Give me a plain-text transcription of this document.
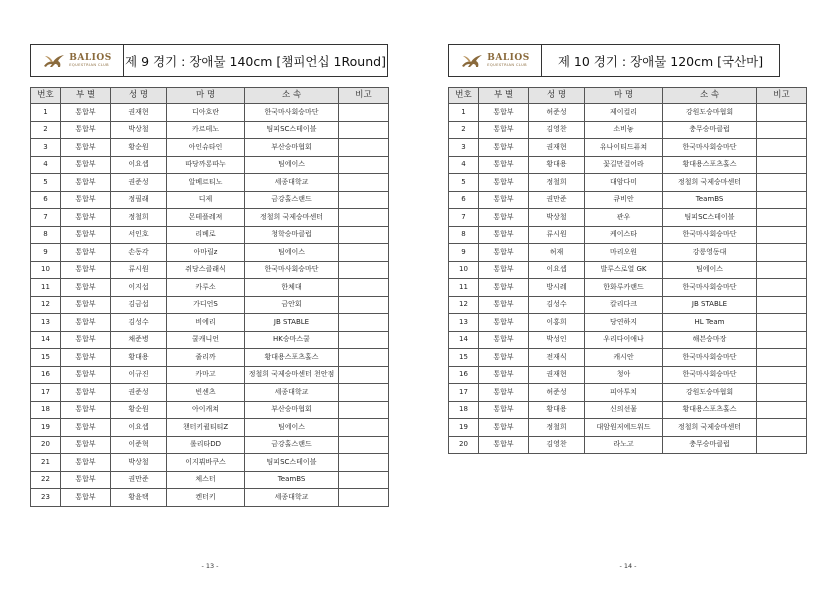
BALIOS
EQUESTRIAN CLUB 제 9 경기 : 장애물 140cm [챔피언십 1Round]
번호	부 별	성 명	마 명	소 속	비고
1	통합부	권재현	디아호란	한국마사회승마단	
2	통합부	박상철	카르테노	팀피SC스테이블	
3	통합부	황순원	아인슈타인	부산승마협회	
4	통합부	이요셉	따당까롱따누	팀에이스	
5	통합부	권준성	알베르티노	세종대학교	
6	통합부	정필래	디제	금강홀스랜드	
7	통합부	정철희	몬테플레져	정철희 국제승마센터	
8	통합부	서인호	리베로	청학승마클럽	
9	통합부	손동각	아마릴z	팀에이스	
10	통합부	류시원	쥐당스클래식	한국마사회승마단	
11	통합부	이지섭	카루소	한체대	
12	통합부	김금섭	가디언S	금안회	
13	통합부	김성수	비에리	JB STABLE	
14	통합부	채준병	쿨캐니언	HK승마스쿨	
15	통합부	황대용	줄리까	황대용스포츠홀스	
16	통합부	이규진	카마고	정철희 국제승마센터 천안점	
17	통합부	권준성	빈센츠	세종대학교	
18	통합부	황순원	아이캐쳐	부산승마협회	
19	통합부	이요셉	챈터키퀼티티Z	팀에이스	
20	통합부	이준혁	롤리타DD	금강홀스랜드	
21	통합부	박상철	이지뷔바쿠스	팀피SC스테이블	
22	통합부	권만준	체스터	TeamBS	
23	통합부	황윤택	켄터키	세종대학교	
- 13 -
BALIOS
EQUESTRIAN CLUB	제 10 경기 : 장애물 120cm [국산마]
번호	부 별	성 명	마 명	소 속	비고
1	통합부	허준성	제이컬리	강원도승마협회	
2	통합부	김영찬	소비놓	충무승마클럽	
3	통합부	권재현	유나이티드퓨쳐	한국마사회승마단	
4	통합부	황대용	꽃길만걸어라	황대용스포츠홀스	
5	통합부	정철희	대암다미	정철희 국제승마센터	
6	통합부	권만준	큐비안	TeamBS	
7	통합부	박상철	관우	팀피SC스테이블	
8	통합부	류시원	케이스타	한국마사회승마단	
9	통합부	허재	마리오원	강릉영동대	
10	통합부	이요셉	발루스로열 GK	팀에이스	
11	통합부	방시레	한화루카랜드	한국마사회승마단	
12	통합부	김성수	칼리다크	JB STABLE	
13	통합부	이홍희	당연하지	HL Team	
14	통합부	박성인	우리다이애나	해븐승마장	
15	통합부	전재식	캐시안	한국마사회승마단	
16	통합부	권재현	청아	한국마사회승마단	
17	통합부	허준성	피아투치	강원도승마협회	
18	통합부	황대용	신의선물	황대용스포츠홀스	
19	통합부	정철희	대암원저에드워드	정철희 국제승마센터	
20	통합부	김영찬	라노고	충무승마클럽	
- 14 -
